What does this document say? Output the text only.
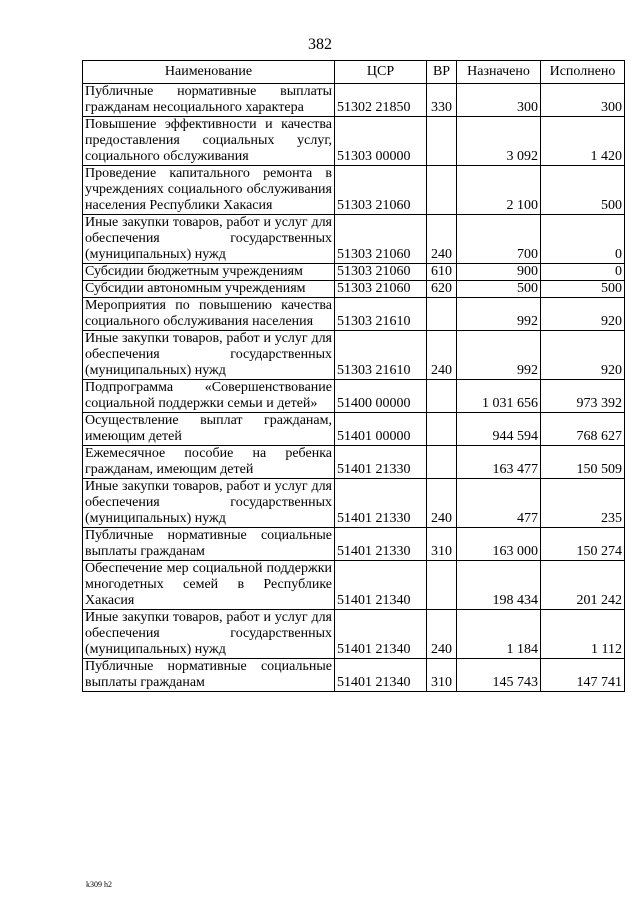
382
Наименование	ЦСР	ВР	Назначено	Исполнено
Публичные нормативные выплаты гражданам несоциального характера	51302 21850	330	300	300
Повышение эффективности и качества предоставления социальных услуг, социального обслуживания	51303 00000		3 092	1 420
Проведение капитального ремонта в учреждениях социального обслуживания населения Республики Хакасия	51303 21060		2 100	500
Иные закупки товаров, работ и услуг для обеспечения государственных (муниципальных) нужд	51303 21060	240	700	0
Субсидии бюджетным учреждениям	51303 21060	610	900	0
Субсидии автономным учреждениям	51303 21060	620	500	500
Мероприятия по повышению качества социального обслуживания населения	51303 21610		992	920
Иные закупки товаров, работ и услуг для обеспечения государственных (муниципальных) нужд	51303 21610	240	992	920
Подпрограмма «Совершенствование социальной поддержки семьи и детей»	51400 00000		1 031 656	973 392
Осуществление выплат гражданам, имеющим детей	51401 00000		944 594	768 627
Ежемесячное пособие на ребенка гражданам, имеющим детей	51401 21330		163 477	150 509
Иные закупки товаров, работ и услуг для обеспечения государственных (муниципальных) нужд	51401 21330	240	477	235
Публичные нормативные социальные выплаты гражданам	51401 21330	310	163 000	150 274
Обеспечение мер социальной поддержки многодетных семей в Республике Хакасия	51401 21340		198 434	201 242
Иные закупки товаров, работ и услуг для обеспечения государственных (муниципальных) нужд	51401 21340	240	1 184	1 112
Публичные нормативные социальные выплаты гражданам	51401 21340	310	145 743	147 741
k309 h2
